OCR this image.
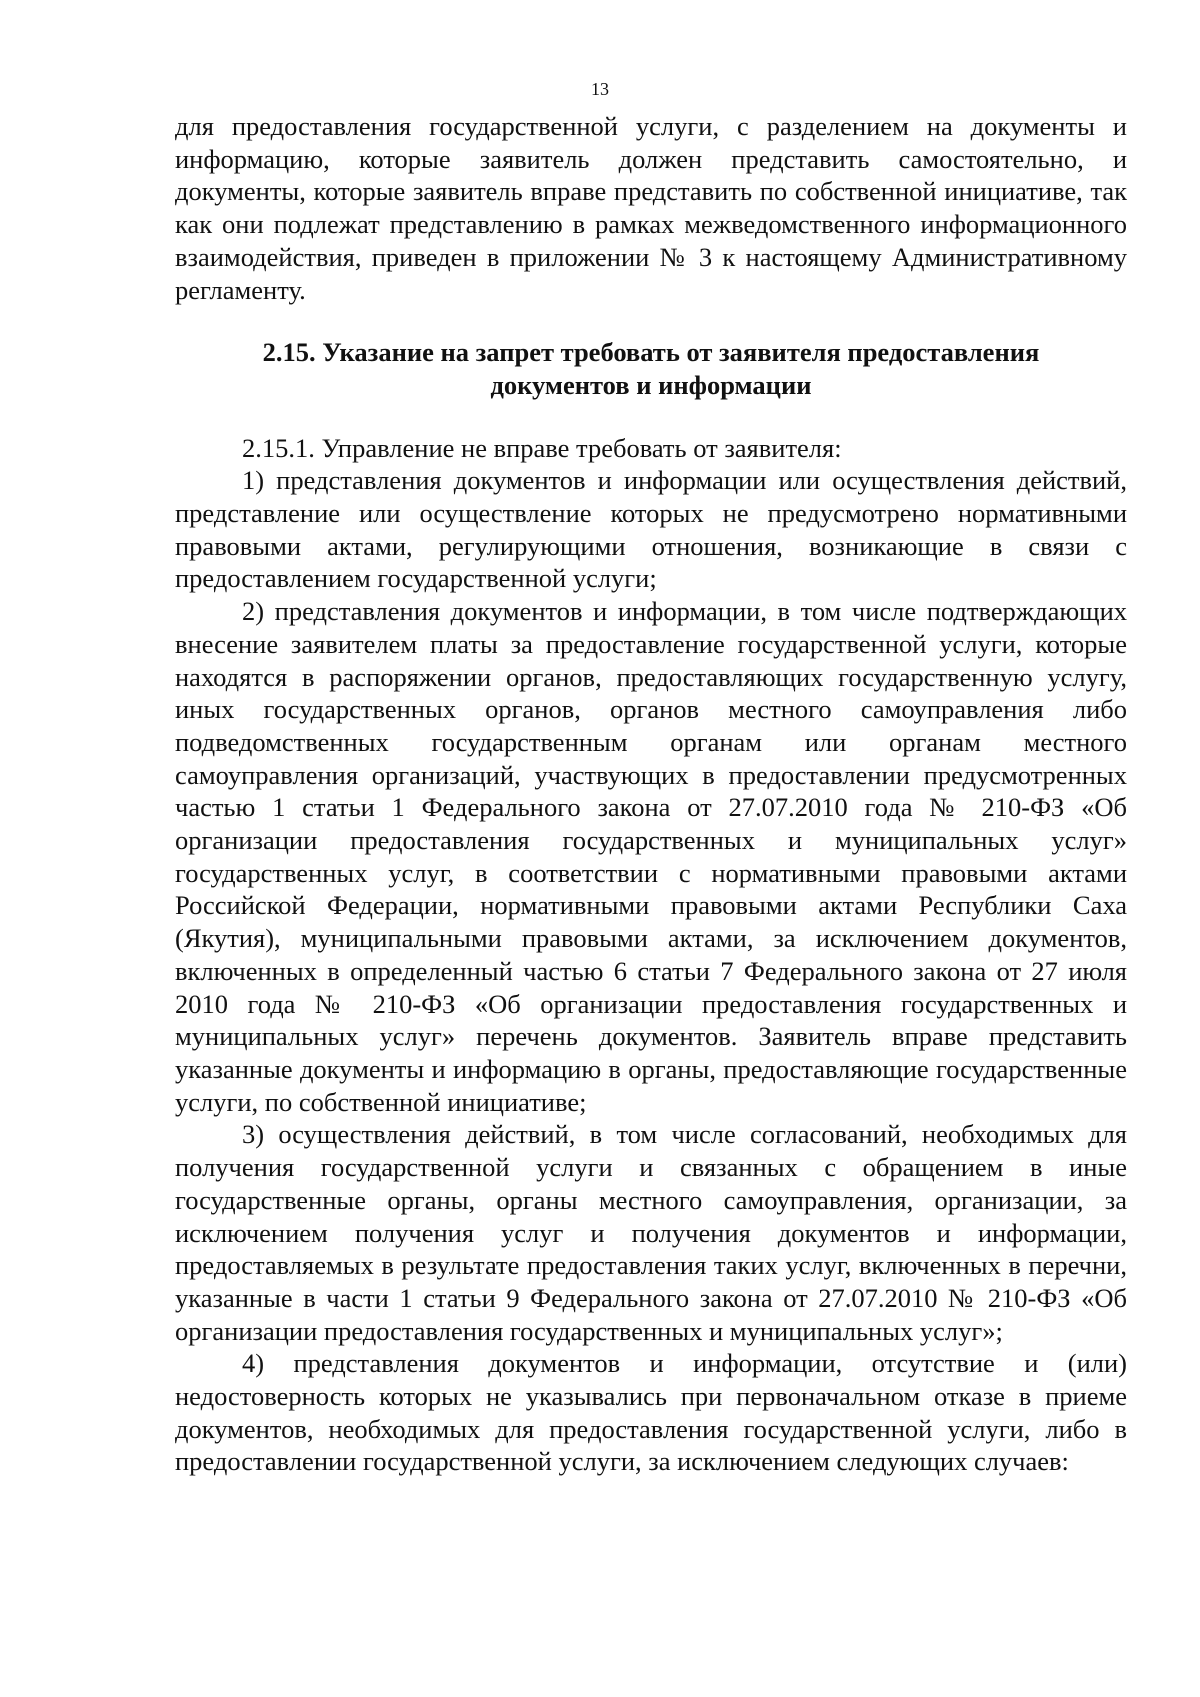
13

для предоставления государственной услуги, с разделением на документы и информацию, которые заявитель должен представить самостоятельно, и документы, которые заявитель вправе представить по собственной инициативе, так как они подлежат представлению в рамках межведомственного информационного взаимодействия, приведен в приложении № 3 к настоящему Административному регламенту.

2.15. Указание на запрет требовать от заявителя предоставления
документов и информации

2.15.1. Управление не вправе требовать от заявителя:

1) представления документов и информации или осуществления действий, представление или осуществление которых не предусмотрено нормативными правовыми актами, регулирующими отношения, возникающие в связи с предоставлением государственной услуги;

2) представления документов и информации, в том числе подтверждающих внесение заявителем платы за предоставление государственной услуги, которые находятся в распоряжении органов, предоставляющих государственную услугу, иных государственных органов, органов местного самоуправления либо подведомственных государственным органам или органам местного самоуправления организаций, участвующих в предоставлении предусмотренных частью 1 статьи 1 Федерального закона от 27.07.2010 года № 210-ФЗ «Об организации предоставления государственных и муниципальных услуг» государственных услуг, в соответствии с нормативными правовыми актами Российской Федерации, нормативными правовыми актами Республики Саха (Якутия), муниципальными правовыми актами, за исключением документов, включенных в определенный частью 6 статьи 7 Федерального закона от 27 июля 2010 года № 210-ФЗ «Об организации предоставления государственных и муниципальных услуг» перечень документов. Заявитель вправе представить указанные документы и информацию в органы, предоставляющие государственные услуги, по собственной инициативе;

3) осуществления действий, в том числе согласований, необходимых для получения государственной услуги и связанных с обращением в иные государственные органы, органы местного самоуправления, организации, за исключением получения услуг и получения документов и информации, предоставляемых в результате предоставления таких услуг, включенных в перечни, указанные в части 1 статьи 9 Федерального закона от 27.07.2010 № 210-ФЗ «Об организации предоставления государственных и муниципальных услуг»;

4) представления документов и информации, отсутствие и (или) недостоверность которых не указывались при первоначальном отказе в приеме документов, необходимых для предоставления государственной услуги, либо в предоставлении государственной услуги, за исключением следующих случаев:
